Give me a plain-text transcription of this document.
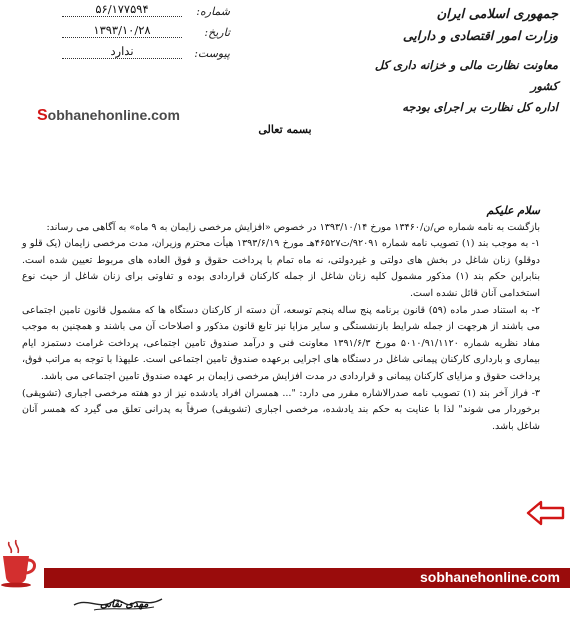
جمهوری اسلامی ایران
وزارت امور اقتصادی و دارایی
معاونت نظارت مالی و خزانه داری کل کشور
اداره کل نظارت بر اجرای بودجه
شماره:
۵۶/۱۷۷۵۹۴
تاریخ:
۱۳۹۳/۱۰/۲۸
پیوست:
ندارد
Sobhanehonline.com
بسمه تعالی

سلام علیکم

بازگشت به نامه شماره ص/ن/۱۳۴۶۰ مورخ ۱۳۹۳/۱۰/۱۴ در خصوص «افزایش مرخصی زایمان به ۹ ماه» به آگاهی می رساند:

۱- به موجب بند (۱) تصویب نامه شماره ۹۲۰۹۱/ت۴۶۵۲۷هـ مورخ ۱۳۹۳/۶/۱۹ هیأت محترم وزیران، مدت مرخصی زایمان (یک قلو و دوقلو) زنان شاغل در بخش های دولتی و غیردولتی، نه ماه تمام با پرداخت حقوق و فوق العاده های مربوط تعیین شده است. بنابراین حکم بند (۱) مذکور مشمول کلیه زنان شاغل از جمله کارکنان قراردادی بوده و تفاوتی برای زنان شاغل از حیث نوع استخدامی آنان قائل نشده است.

۲- به استناد صدر ماده (۵۹) قانون برنامه پنج ساله پنجم توسعه، آن دسته از کارکنان دستگاه ها که مشمول قانون تامین اجتماعی می باشند از هرجهت از جمله شرایط بازنشستگی و سایر مزایا نیز تابع قانون مذکور و اصلاحات آن می باشند و همچنین به موجب مفاد نظریه شماره ۵۰۱۰/۹۱/۱۱۲۰ مورخ ۱۳۹۱/۶/۳ معاونت فنی و درآمد صندوق تامین اجتماعی، پرداخت غرامت دستمزد ایام بیماری و بارداری کارکنان پیمانی شاغل در دستگاه های اجرایی برعهده صندوق تامین اجتماعی است. علیهذا با توجه به مراتب فوق، پرداخت حقوق و مزایای کارکنان پیمانی و قراردادی در مدت افزایش مرخصی زایمان بر عهده صندوق تامین اجتماعی می باشد.

۳- فراز آخر بند (۱) تصویب نامه صدرالاشاره مقرر می دارد: "... همسران افراد یادشده نیز از دو هفته مرخصی اجباری (تشویقی) برخوردار می شوند" لذا با عنایت به حکم بند یادشده، مرخصی اجباری (تشویقی) صرفاً به پدرانی تعلق می گیرد که همسر آنان شاغل باشد.

sobhanehonline.com
مهدی تقانی
